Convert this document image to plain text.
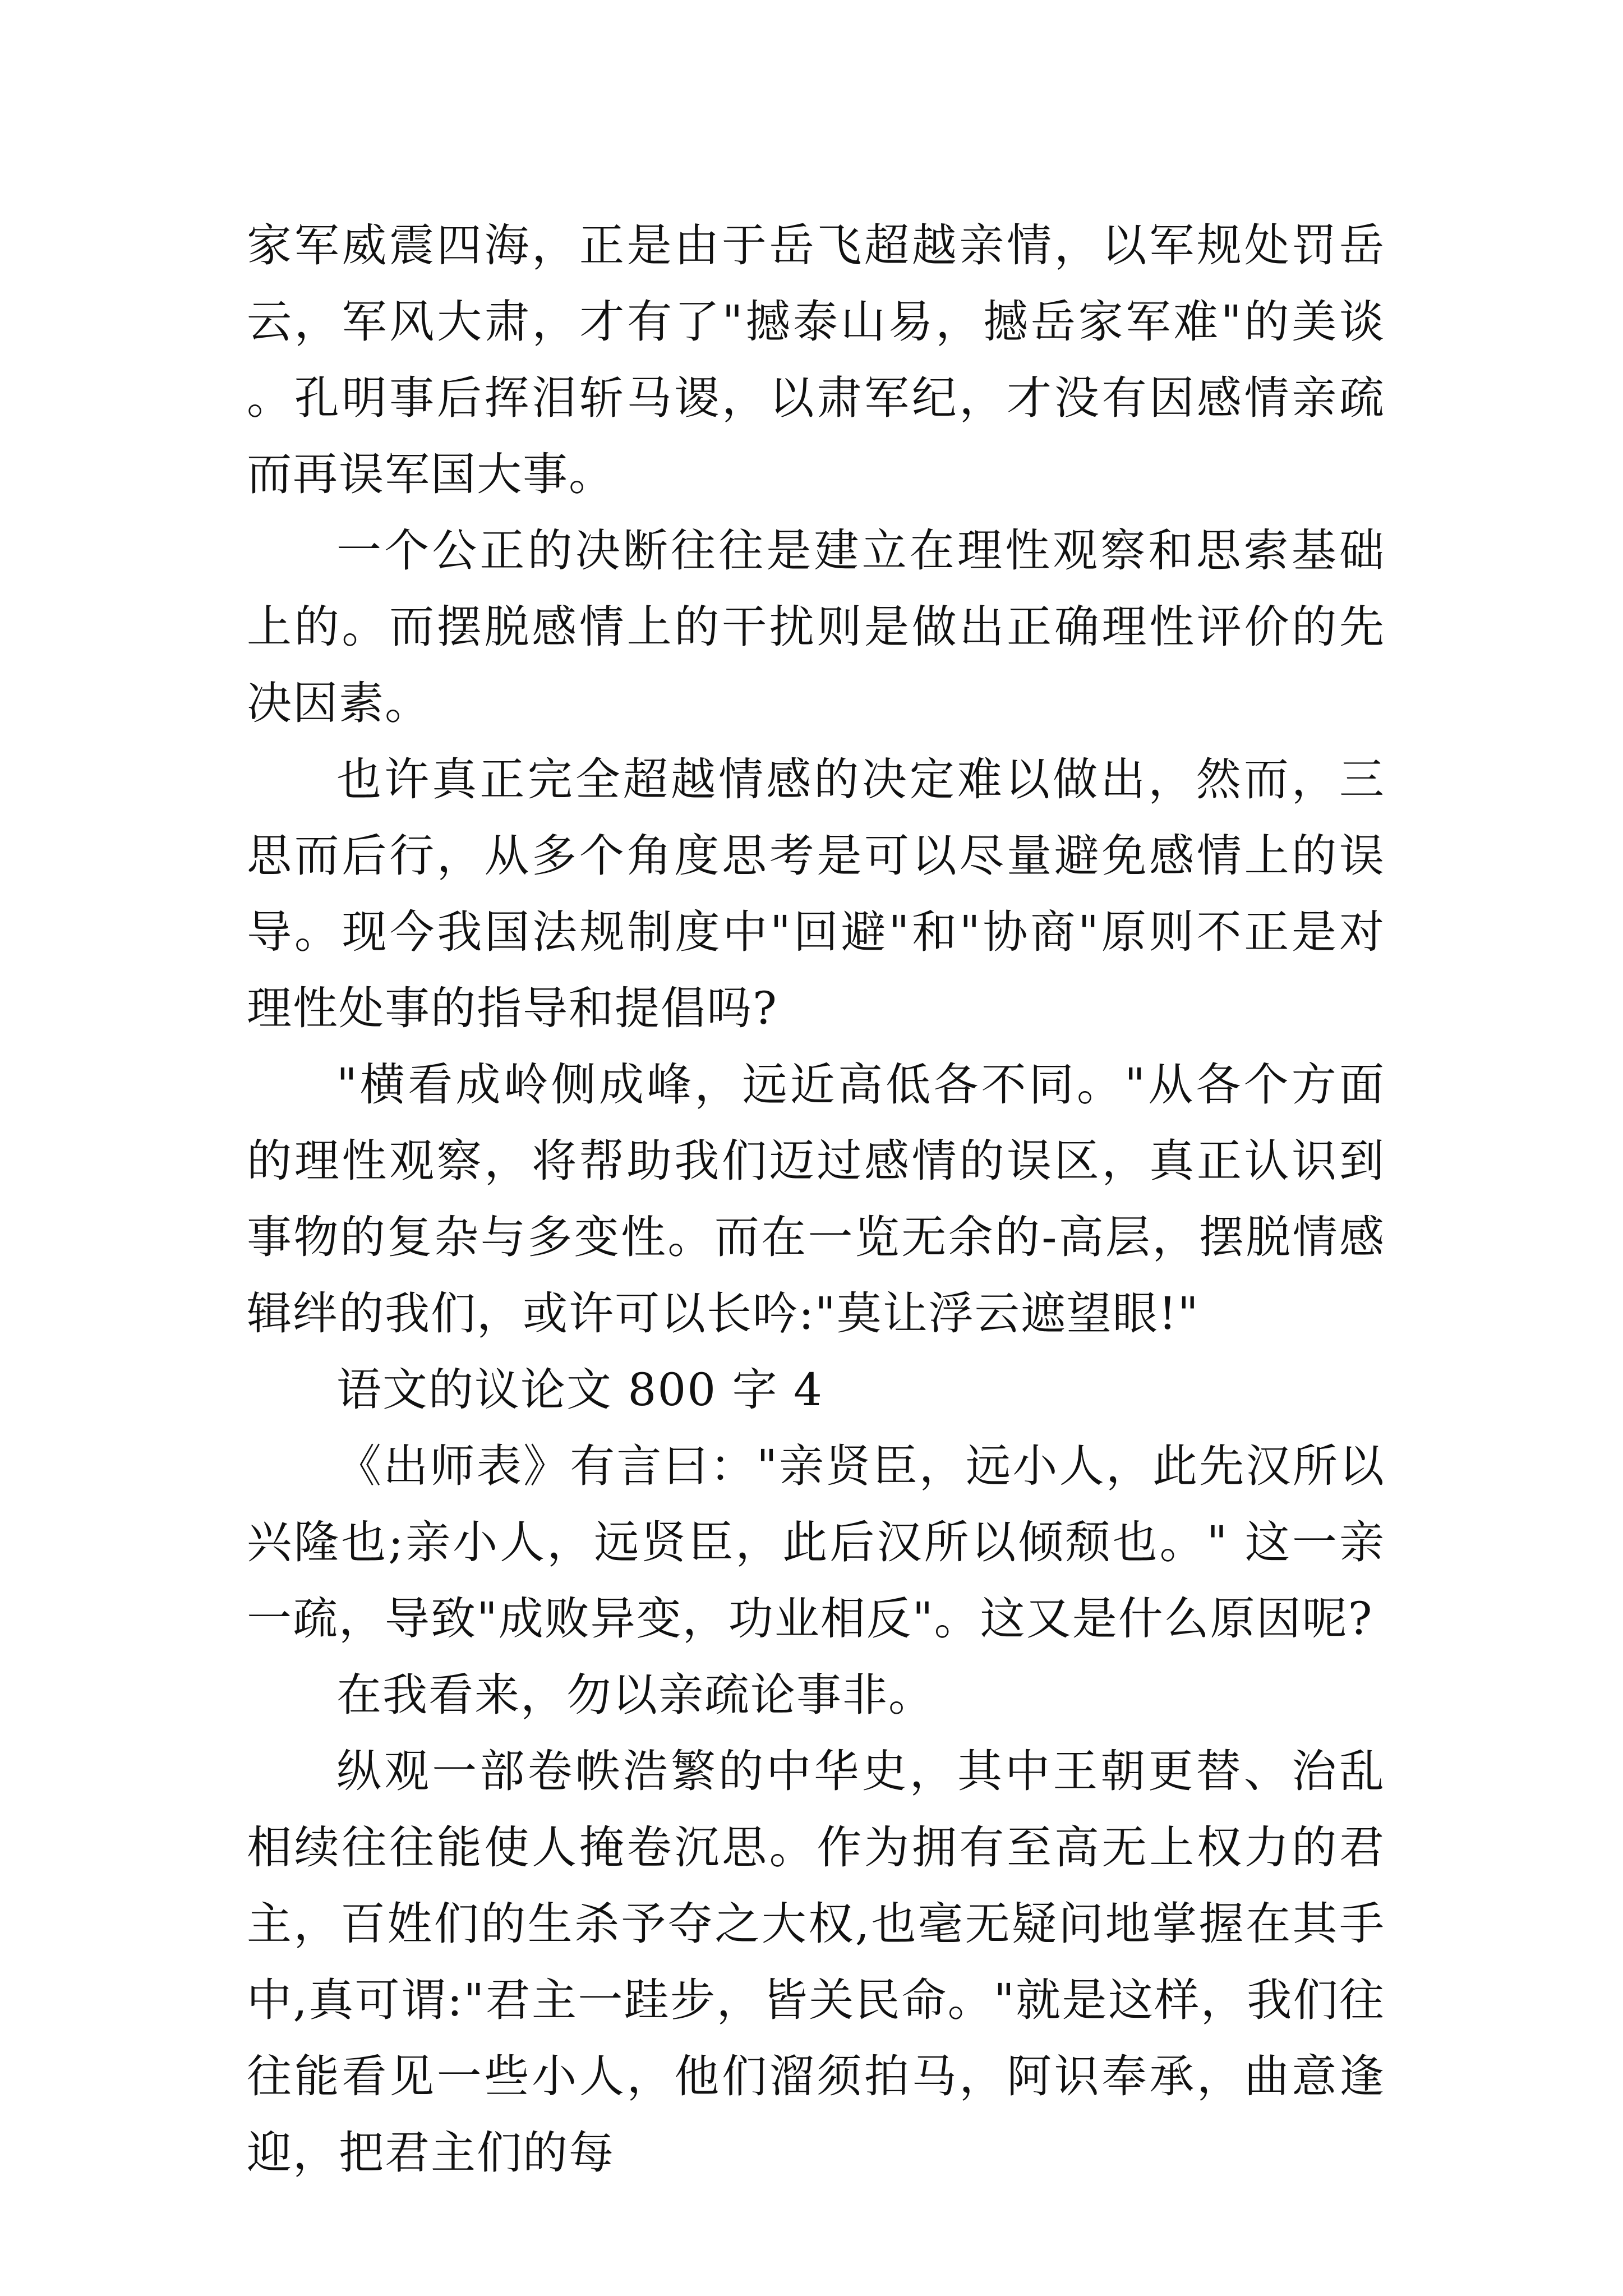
家军威震四海，正是由于岳飞超越亲情，以军规处罚岳云，军风大肃，才有了"撼泰山易，撼岳家军难"的美谈。孔明事后挥泪斩马谡，以肃军纪，才没有因感情亲疏而再误军国大事。

一个公正的决断往往是建立在理性观察和思索基础上的。而摆脱感情上的干扰则是做出正确理性评价的先决因素。

也许真正完全超越情感的决定难以做出，然而，三思而后行，从多个角度思考是可以尽量避免感情上的误导。现今我国法规制度中"回避"和"协商"原则不正是对理性处事的指导和提倡吗?

"横看成岭侧成峰，远近高低各不同。"从各个方面的理性观察，将帮助我们迈过感情的误区，真正认识到事物的复杂与多变性。而在一览无余的-高层，摆脱情感辑绊的我们，或许可以长吟:"莫让浮云遮望眼!"

语文的议论文 800 字 4

《出师表》有言曰："亲贤臣，远小人，此先汉所以兴隆也;亲小人，远贤臣，此后汉所以倾颓也。" 这一亲一疏，导致"成败异变，功业相反"。这又是什么原因呢?

在我看来，勿以亲疏论事非。

纵观一部卷帙浩繁的中华史，其中王朝更替、治乱相续往往能使人掩卷沉思。作为拥有至高无上权力的君主，百姓们的生杀予夺之大权,也毫无疑问地掌握在其手中,真可谓:"君主一跬步，皆关民命。"就是这样，我们往往能看见一些小人，他们溜须拍马，阿识奉承，曲意逢迎，把君主们的每
